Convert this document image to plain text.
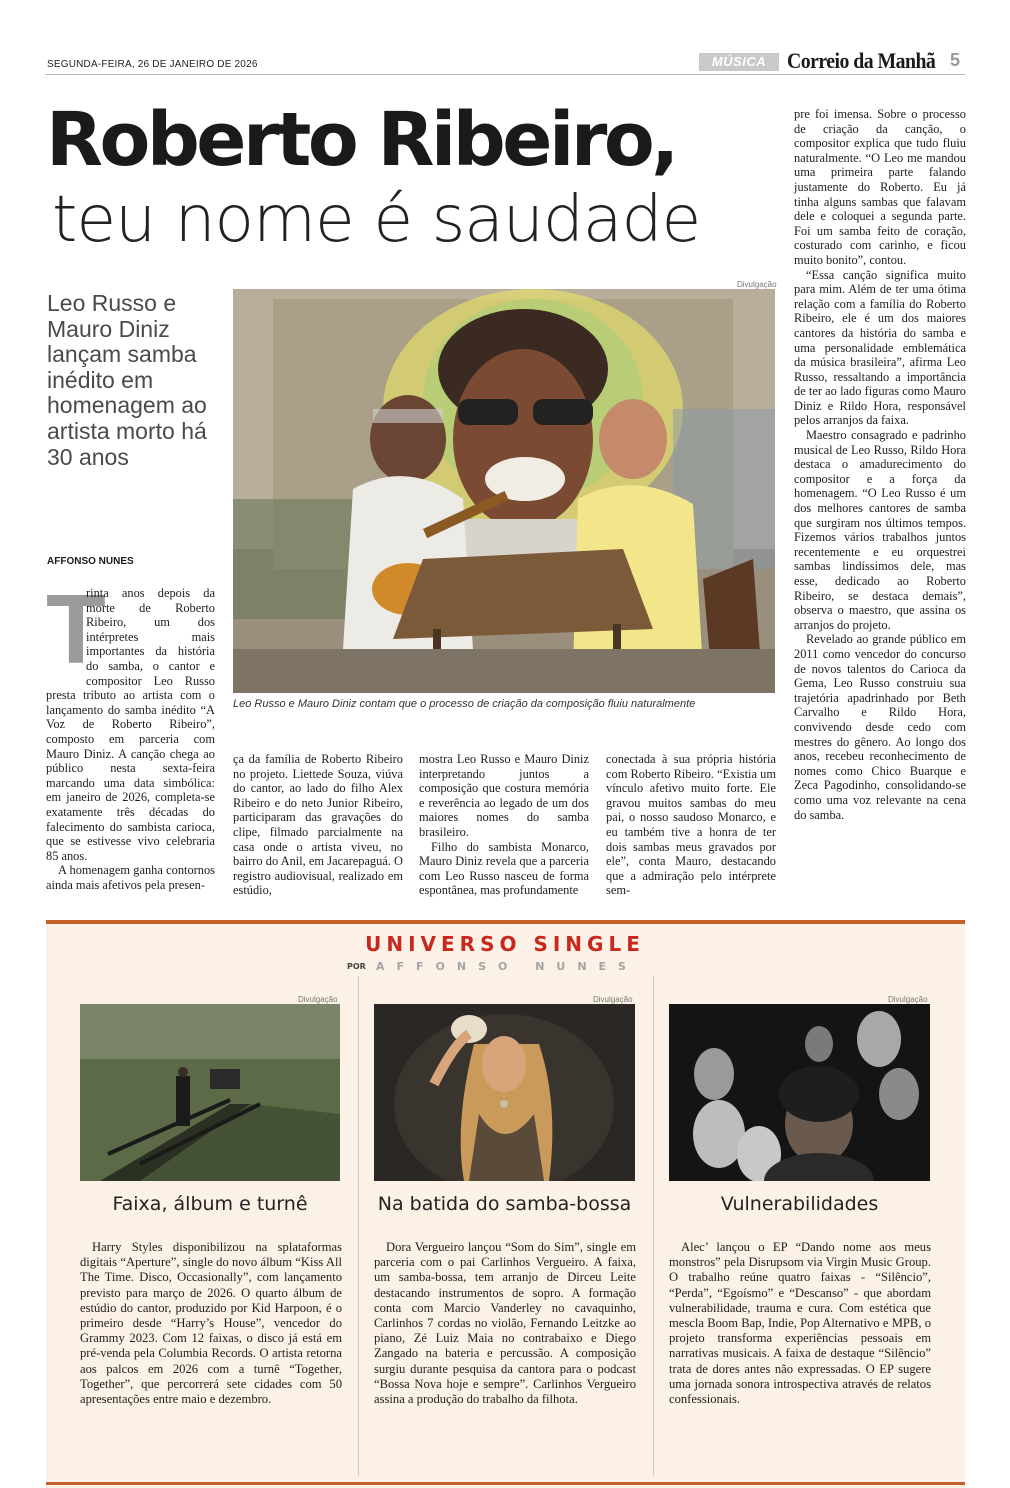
SEGUNDA-FEIRA, 26 DE JANEIRO DE 2026	MÚSICA Correio da Manhã 5
Roberto Ribeiro,
teu nome é saudade
Leo Russo e Mauro Diniz lançam samba inédito em homenagem ao artista morto há 30 anos
AFFONSO NUNES
T

rinta anos depois da morte de Roberto Ribeiro, um dos intérpretes mais importantes da história do samba, o cantor e compositor Leo Russo presta tributo ao artista com o lançamento do samba inédito “A Voz de Roberto Ribeiro”, composto em parceria com Mauro Diniz. A canção chega ao público nesta sexta-feira marcando uma data simbólica: em janeiro de 2026, completa-se exatamente três décadas do falecimento do sambista carioca, que se estivesse vivo celebraria 85 anos.

A homenagem ganha contornos ainda mais afetivos pela presen-

Divulgação
Leo Russo e Mauro Diniz contam que o processo de criação da composição fluiu naturalmente

ça da família de Roberto Ribeiro no projeto. Liettede Souza, viúva do cantor, ao lado do filho Alex Ribeiro e do neto Junior Ribeiro, participaram das gravações do clipe, filmado parcialmente na casa onde o artista viveu, no bairro do Anil, em Jacarepaguá. O registro audiovisual, realizado em estúdio,

mostra Leo Russo e Mauro Diniz interpretando juntos a composição que costura memória e reverência ao legado de um dos maiores nomes do samba brasileiro.

Filho do sambista Monarco, Mauro Diniz revela que a parceria com Leo Russo nasceu de forma espontânea, mas profundamente

conectada à sua própria história com Roberto Ribeiro. “Existia um vínculo afetivo muito forte. Ele gravou muitos sambas do meu pai, o nosso saudoso Monarco, e eu também tive a honra de ter dois sambas meus gravados por ele”, conta Mauro, destacando que a admiração pelo intérprete sem-

pre foi imensa. Sobre o processo de criação da canção, o compositor explica que tudo fluiu naturalmente. “O Leo me mandou uma primeira parte falando justamente do Roberto. Eu já tinha alguns sambas que falavam dele e coloquei a segunda parte. Foi um samba feito de coração, costurado com carinho, e ficou muito bonito”, contou.

“Essa canção significa muito para mim. Além de ter uma ótima relação com a família do Roberto Ribeiro, ele é um dos maiores cantores da história do samba e uma personalidade emblemática da música brasileira”, afirma Leo Russo, ressaltando a importância de ter ao lado figuras como Mauro Diniz e Rildo Hora, responsável pelos arranjos da faixa.

Maestro consagrado e padrinho musical de Leo Russo, Rildo Hora destaca o amadurecimento do compositor e a força da homenagem. “O Leo Russo é um dos melhores cantores de samba que surgiram nos últimos tempos. Fizemos vários trabalhos juntos recentemente e eu orquestrei sambas lindíssimos dele, mas esse, dedicado ao Roberto Ribeiro, se destaca demais”, observa o maestro, que assina os arranjos do projeto.

Revelado ao grande público em 2011 como vencedor do concurso de novos talentos do Carioca da Gema, Leo Russo construiu sua trajetória apadrinhado por Beth Carvalho e Rildo Hora, convivendo desde cedo com mestres do gênero. Ao longo dos anos, recebeu reconhecimento de nomes como Chico Buarque e Zeca Pagodinho, consolidando-se como uma voz relevante na cena do samba.

UNIVERSO SINGLE
POR AFFONSO NUNES
Divulgação
Faixa, álbum e turnê

Harry Styles disponibilizou na splataformas digitais “Aperture”, single do novo álbum “Kiss All The Time. Disco, Occasionally”, com lançamento previsto para março de 2026. O quarto álbum de estúdio do cantor, produzido por Kid Harpoon, é o primeiro desde “Harry’s House”, vencedor do Grammy 2023. Com 12 faixas, o disco já está em pré-venda pela Columbia Records. O artista retorna aos palcos em 2026 com a turnê “Together, Together”, que percorrerá sete cidades com 50 apresentações entre maio e dezembro.

Divulgação
Na batida do samba-bossa

Dora Vergueiro lançou “Som do Sim”, single em parceria com o pai Carlinhos Vergueiro. A faixa, um samba-bossa, tem arranjo de Dirceu Leite destacando instrumentos de sopro. A formação conta com Marcio Vanderley no cavaquinho, Carlinhos 7 cordas no violão, Fernando Leitzke ao piano, Zé Luiz Maia no contrabaixo e Diego Zangado na bateria e percussão. A composição surgiu durante pesquisa da cantora para o podcast “Bossa Nova hoje e sempre”. Carlinhos Vergueiro assina a produção do trabalho da filhota.

Divulgação
Vulnerabilidades

Alec’ lançou o EP “Dando nome aos meus monstros” pela Disrupsom via Virgin Music Group. O trabalho reúne quatro faixas - “Silêncio”, “Perda”, “Egoísmo” e “Descanso” - que abordam vulnerabilidade, trauma e cura. Com estética que mescla Boom Bap, Indie, Pop Alternativo e MPB, o projeto transforma experiências pessoais em narrativas musicais. A faixa de destaque “Silêncio” trata de dores antes não expressadas. O EP sugere uma jornada sonora introspectiva através de relatos confessionais.
